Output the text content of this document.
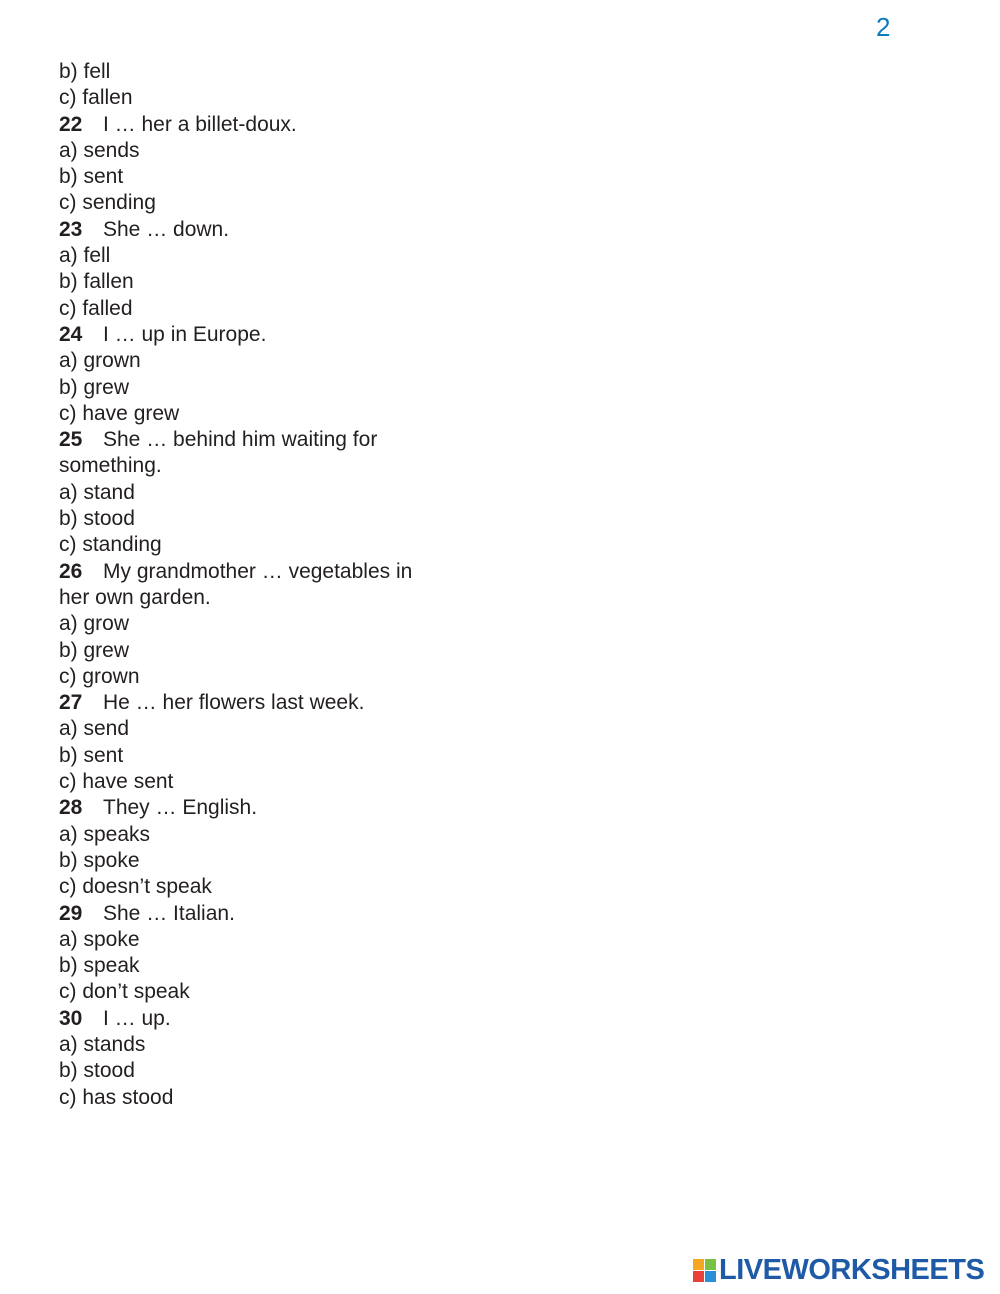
2
b) fell
c) fallen
22 I … her a billet-doux.
a) sends
b) sent
c) sending
23 She … down.
a) fell
b) fallen
c) falled
24 I … up in Europe.
a) grown
b) grew
c) have grew
25 She … behind him waiting for
something.
a) stand
b) stood
c) standing
26 My grandmother … vegetables in
her own garden.
a) grow
b) grew
c) grown
27 He … her flowers last week.
a) send
b) sent
c) have sent
28 They … English.
a) speaks
b) spoke
c) doesn’t speak
29 She … Italian.
a) spoke
b) speak
c) don’t speak
30 I … up.
a) stands
b) stood
c) has stood
LIVEWORKSHEETS
